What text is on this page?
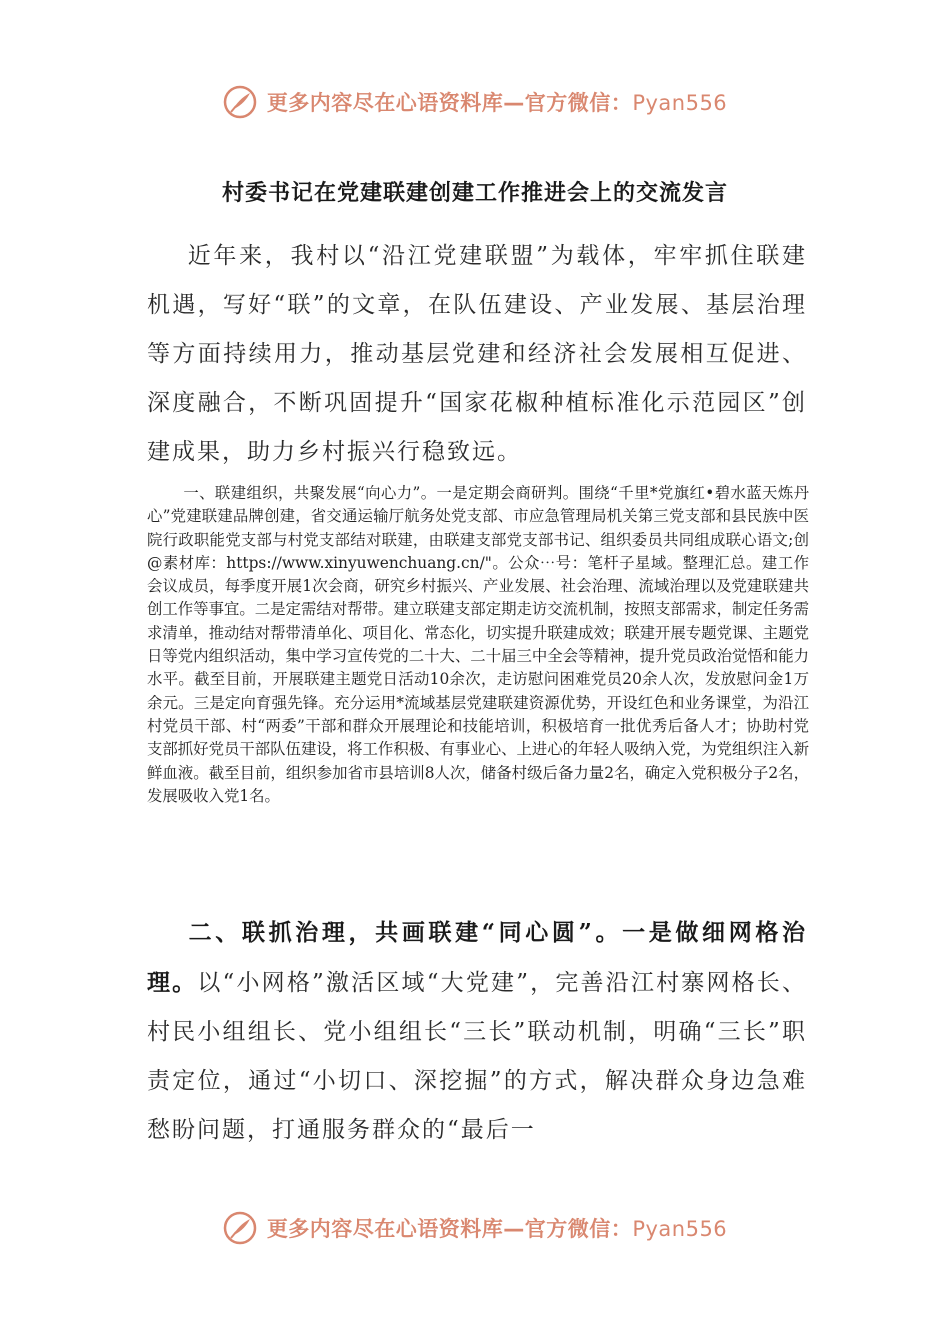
更多内容尽在心语资料库—官方微信：Pyan556
村委书记在党建联建创建工作推进会上的交流发言
近年来，我村以“沿江党建联盟”为载体，牢牢抓住联建机遇，写好“联”的文章，在队伍建设、产业发展、基层治理等方面持续用力，推动基层党建和经济社会发展相互促进、深度融合，不断巩固提升“国家花椒种植标准化示范园区”创建成果，助力乡村振兴行稳致远。
一、联建组织，共聚发展“向心力”。一是定期会商研判。围绕“千里*党旗红•碧水蓝天炼丹心”党建联建品牌创建，省交通运输厅航务处党支部、市应急管理局机关第三党支部和县民族中医院行政职能党支部与村党支部结对联建，由联建支部党支部书记、组织委员共同组成联心语文;创@素材库：https://www.xinyuwenchuang.cn/"。公众⋯号：笔杆子星域。整理汇总。建工作会议成员，每季度开展1次会商，研究乡村振兴、产业发展、社会治理、流域治理以及党建联建共创工作等事宜。二是定需结对帮带。建立联建支部定期走访交流机制，按照支部需求，制定任务需求清单，推动结对帮带清单化、项目化、常态化，切实提升联建成效；联建开展专题党课、主题党日等党内组织活动，集中学习宣传党的二十大、二十届三中全会等精神，提升党员政治觉悟和能力水平。截至目前，开展联建主题党日活动10余次，走访慰问困难党员20余人次，发放慰问金1万余元。三是定向育强先锋。充分运用*流域基层党建联建资源优势，开设红色和业务课堂，为沿江村党员干部、村“两委”干部和群众开展理论和技能培训，积极培育一批优秀后备人才；协助村党支部抓好党员干部队伍建设，将工作积极、有事业心、上进心的年轻人吸纳入党，为党组织注入新鲜血液。截至目前，组织参加省市县培训8人次，储备村级后备力量2名，确定入党积极分子2名，发展吸收入党1名。
二、联抓治理，共画联建“同心圆”。一是做细网格治理。以“小网格”激活区域“大党建”，完善沿江村寨网格长、村民小组组长、党小组组长“三长”联动机制，明确“三长”职责定位，通过“小切口、深挖掘”的方式，解决群众身边急难愁盼问题，打通服务群众的“最后一
更多内容尽在心语资料库—官方微信：Pyan556
